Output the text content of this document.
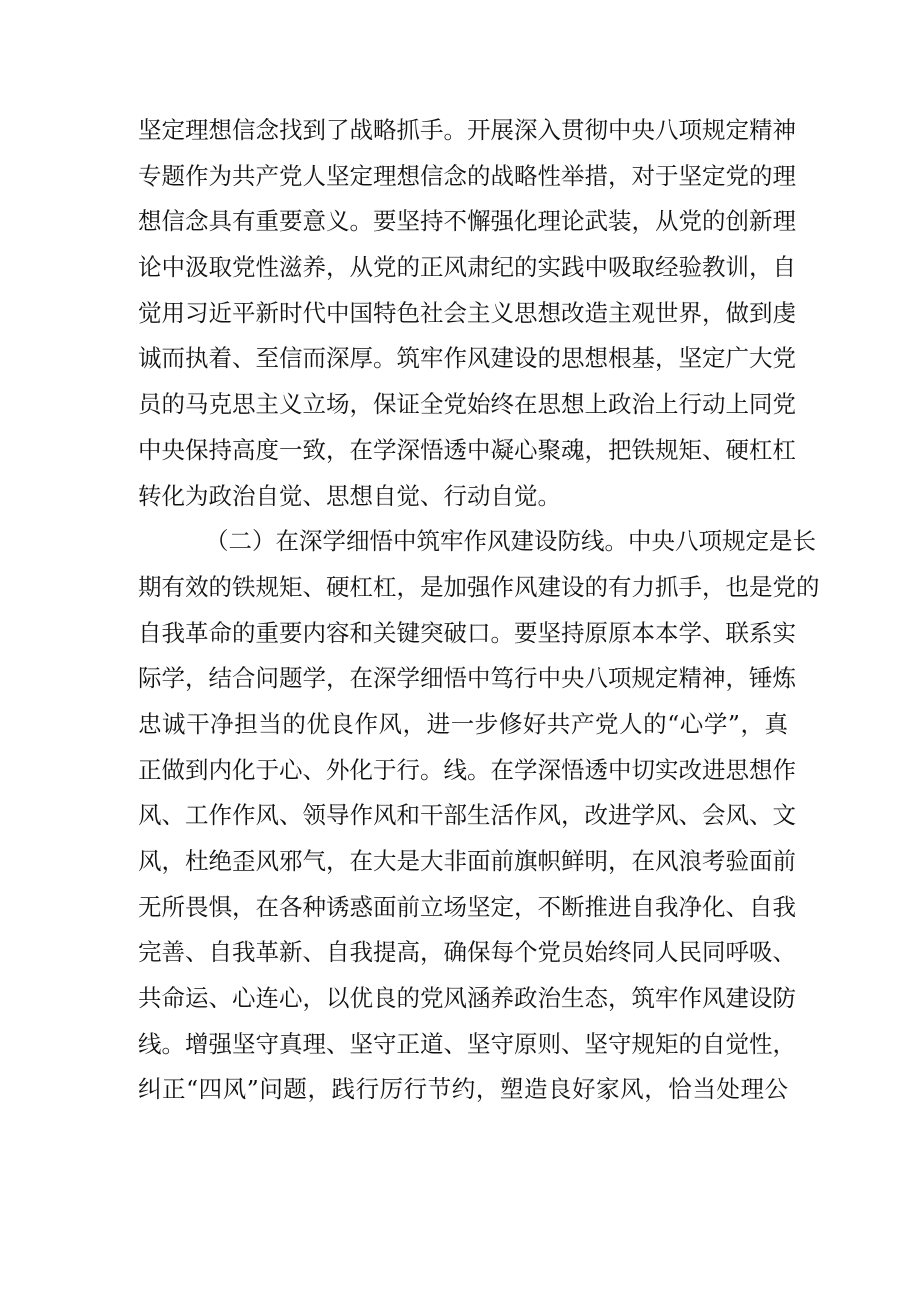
坚定理想信念找到了战略抓手。开展深入贯彻中央八项规定精神
专题作为共产党人坚定理想信念的战略性举措，对于坚定党的理
想信念具有重要意义。要坚持不懈强化理论武装，从党的创新理
论中汲取党性滋养，从党的正风肃纪的实践中吸取经验教训，自
觉用习近平新时代中国特色社会主义思想改造主观世界，做到虔
诚而执着、至信而深厚。筑牢作风建设的思想根基，坚定广大党
员的马克思主义立场，保证全党始终在思想上政治上行动上同党
中央保持高度一致，在学深悟透中凝心聚魂，把铁规矩、硬杠杠
转化为政治自觉、思想自觉、行动自觉。
（二）在深学细悟中筑牢作风建设防线。中央八项规定是长
期有效的铁规矩、硬杠杠，是加强作风建设的有力抓手，也是党的
自我革命的重要内容和关键突破口。要坚持原原本本学、联系实
际学，结合问题学，在深学细悟中笃行中央八项规定精神，锤炼
忠诚干净担当的优良作风，进一步修好共产党人的“心学”，真
正做到内化于心、外化于行。线。在学深悟透中切实改进思想作
风、工作作风、领导作风和干部生活作风，改进学风、会风、文
风，杜绝歪风邪气，在大是大非面前旗帜鲜明，在风浪考验面前
无所畏惧，在各种诱惑面前立场坚定，不断推进自我净化、自我
完善、自我革新、自我提高，确保每个党员始终同人民同呼吸、
共命运、心连心，以优良的党风涵养政治生态，筑牢作风建设防
线。增强坚守真理、坚守正道、坚守原则、坚守规矩的自觉性，
纠正“四风”问题，践行厉行节约，塑造良好家风，恰当处理公
